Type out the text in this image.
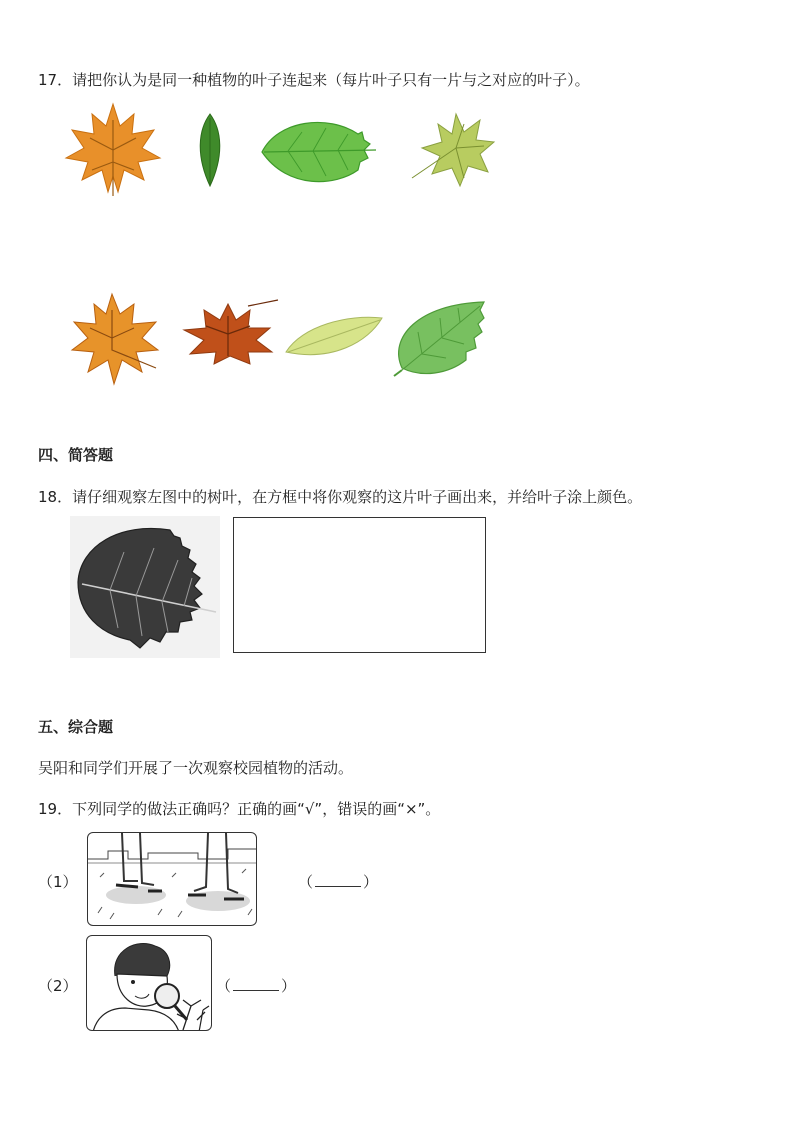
17．请把你认为是同一种植物的叶子连起来（每片叶子只有一片与之对应的叶子）。
四、简答题
18．请仔细观察左图中的树叶，在方框中将你观察的这片叶子画出来，并给叶子涂上颜色。
五、综合题
吴阳和同学们开展了一次观察校园植物的活动。
19．下列同学的做法正确吗？正确的画“√”，错误的画“×”。
（1）	（	）
（2）	（	）
